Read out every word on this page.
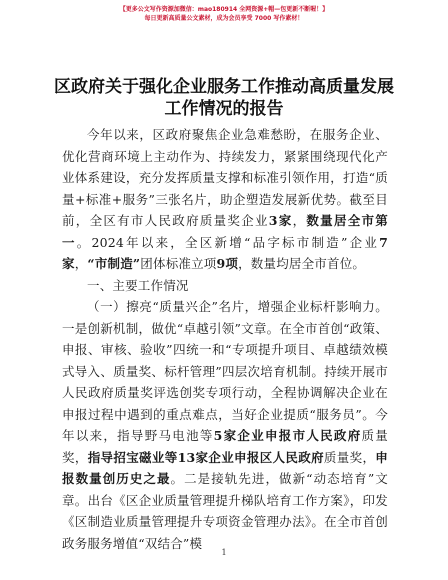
【更多公文写作资源加微信：mao180914 全网资源+帽—包更新不断喔！】
每日更新高质量公文素材，成为会员享受 7000 写作素材！
区政府关于强化企业服务工作推动高质量发展
工作情况的报告

今年以来，区政府聚焦企业急难愁盼，在服务企业、优化营商环境上主动作为、持续发力，紧紧围绕现代化产业体系建设，充分发挥质量支撑和标准引领作用，打造“质量+标准+服务”三张名片，助企塑造发展新优势。截至目前，全区有市人民政府质量奖企业3家，数量居全市第一。2024年以来，全区新增“品字标市制造”企业7家，“市制造”团体标准立项9项，数量均居全市首位。

一、主要工作情况

（一）擦亮“质量兴企”名片，增强企业标杆影响力。一是创新机制，做优“卓越引领”文章。在全市首创“政策、申报、审核、验收”四统一和“专项提升项目、卓越绩效模式导入、质量奖、标杆管理”四层次培育机制。持续开展市人民政府质量奖评选创奖专项行动，全程协调解决企业在申报过程中遇到的重点难点，当好企业提质“服务员”。今年以来，指导野马电池等5家企业申报市人民政府质量奖，指导招宝磁业等13家企业申报区人民政府质量奖，申报数量创历史之最。二是接轨先进，做新“动态培育”文章。出台《区企业质量管理提升梯队培育工作方案》，印发《区制造业质量管理提升专项资金管理办法》。在全市首创政务服务增值“双结合”模

1
